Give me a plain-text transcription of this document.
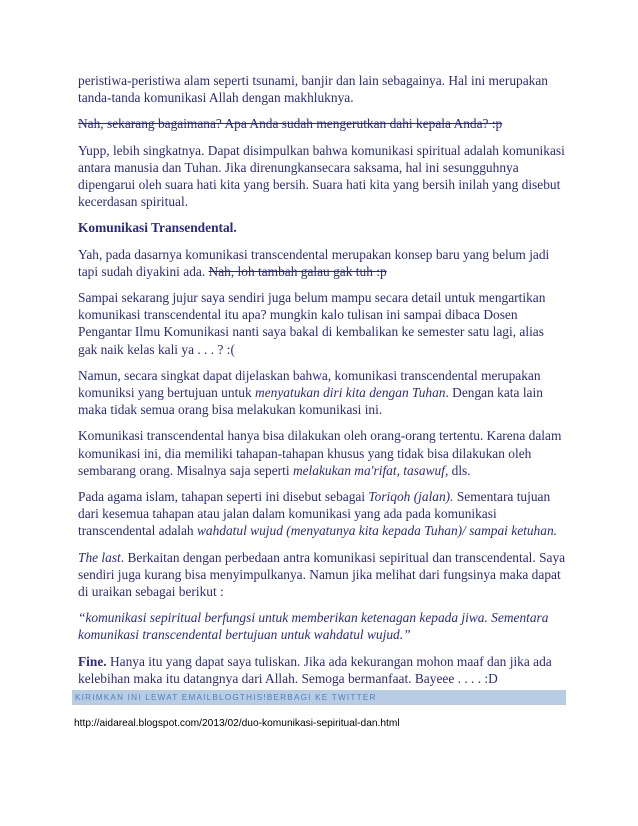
peristiwa-peristiwa alam seperti tsunami, banjir dan lain sebagainya. Hal ini merupakan tanda-tanda komunikasi Allah dengan makhluknya.

Nah, sekarang bagaimana? Apa Anda sudah mengerutkan dahi kepala Anda? :p

Yupp, lebih singkatnya. Dapat disimpulkan bahwa komunikasi spiritual adalah komunikasi antara manusia dan Tuhan. Jika direnungkansecara saksama, hal ini sesungguhnya dipengarui oleh suara hati kita yang bersih. Suara hati kita yang bersih inilah yang disebut kecerdasan spiritual.

Komunikasi Transendental.

Yah, pada dasarnya komunikasi transcendental merupakan konsep baru yang belum jadi tapi sudah diyakini ada. Nah, loh tambah galau gak tuh :p

Sampai sekarang jujur saya sendiri juga belum mampu secara detail untuk mengartikan komunikasi transcendental itu apa? mungkin kalo tulisan ini sampai dibaca Dosen Pengantar Ilmu Komunikasi nanti saya bakal di kembalikan ke semester satu lagi, alias gak naik kelas kali ya . . . ? :(

Namun, secara singkat dapat dijelaskan bahwa, komunikasi transcendental merupakan komuniksi yang bertujuan untuk menyatukan diri kita dengan Tuhan. Dengan kata lain maka tidak semua orang bisa melakukan komunikasi ini.

Komunikasi transcendental hanya bisa dilakukan oleh orang-orang tertentu. Karena dalam komunikasi ini, dia memiliki tahapan-tahapan khusus yang tidak bisa dilakukan oleh sembarang orang. Misalnya saja seperti melakukan ma'rifat, tasawuf, dls.

Pada agama islam, tahapan seperti ini disebut sebagai Toriqoh (jalan). Sementara tujuan dari kesemua tahapan atau jalan dalam komunikasi yang ada pada komunikasi transcendental adalah wahdatul wujud (menyatunya kita kepada Tuhan)/ sampai ketuhan.

The last. Berkaitan dengan perbedaan antra komunikasi sepiritual dan transcendental. Saya sendiri juga kurang bisa menyimpulkanya. Namun jika melihat dari fungsinya maka dapat di uraikan sebagai berikut :

“komunikasi sepiritual berfungsi untuk memberikan ketenagan kepada jiwa. Sementara komunikasi transcendental bertujuan untuk wahdatul wujud.”

Fine. Hanya itu yang dapat saya tuliskan. Jika ada kekurangan mohon maaf dan jika ada kelebihan maka itu datangnya dari Allah. Semoga bermanfaat. Bayeee . . . . :D

KIRIMKAN INI LEWAT EMAILBLOGTHIS!BERBAGI KE TWITTER
http://aidareal.blogspot.com/2013/02/duo-komunikasi-sepiritual-dan.html
